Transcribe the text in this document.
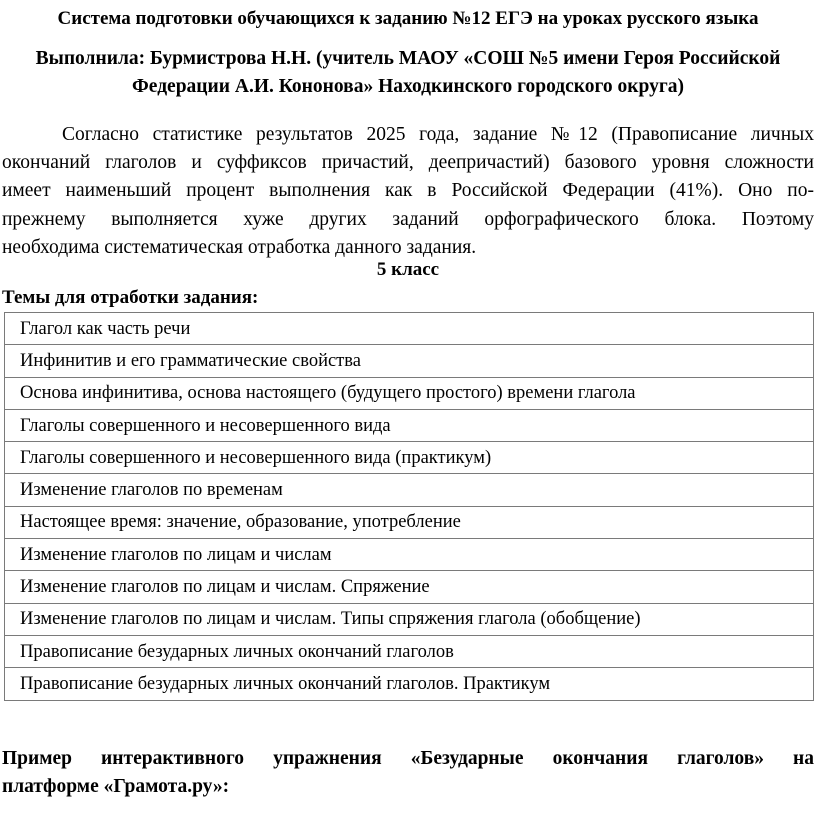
Система подготовки обучающихся к заданию №12 ЕГЭ на уроках русского языка
Выполнила: Бурмистрова Н.Н. (учитель МАОУ «СОШ №5 имени Героя Российской
Федерации А.И. Кононова» Находкинского городского округа)
Согласно статистике результатов 2025 года, задание №12 (Правописание личных
окончаний глаголов и суффиксов причастий, деепричастий) базового уровня сложности
имеет наименьший процент выполнения как в Российской Федерации (41%). Оно по-
прежнему выполняется хуже других заданий орфографического блока. Поэтому
необходима систематическая отработка данного задания.
5 класс
Темы для отработки задания:
Глагол как часть речи
Инфинитив и его грамматические свойства
Основа инфинитива, основа настоящего (будущего простого) времени глагола
Глаголы совершенного и несовершенного вида
Глаголы совершенного и несовершенного вида (практикум)
Изменение глаголов по временам
Настоящее время: значение, образование, употребление
Изменение глаголов по лицам и числам
Изменение глаголов по лицам и числам. Спряжение
Изменение глаголов по лицам и числам. Типы спряжения глагола (обобщение)
Правописание безударных личных окончаний глаголов
Правописание безударных личных окончаний глаголов. Практикум
Пример интерактивного упражнения «Безударные окончания глаголов» на
платформе «Грамота.ру»:
